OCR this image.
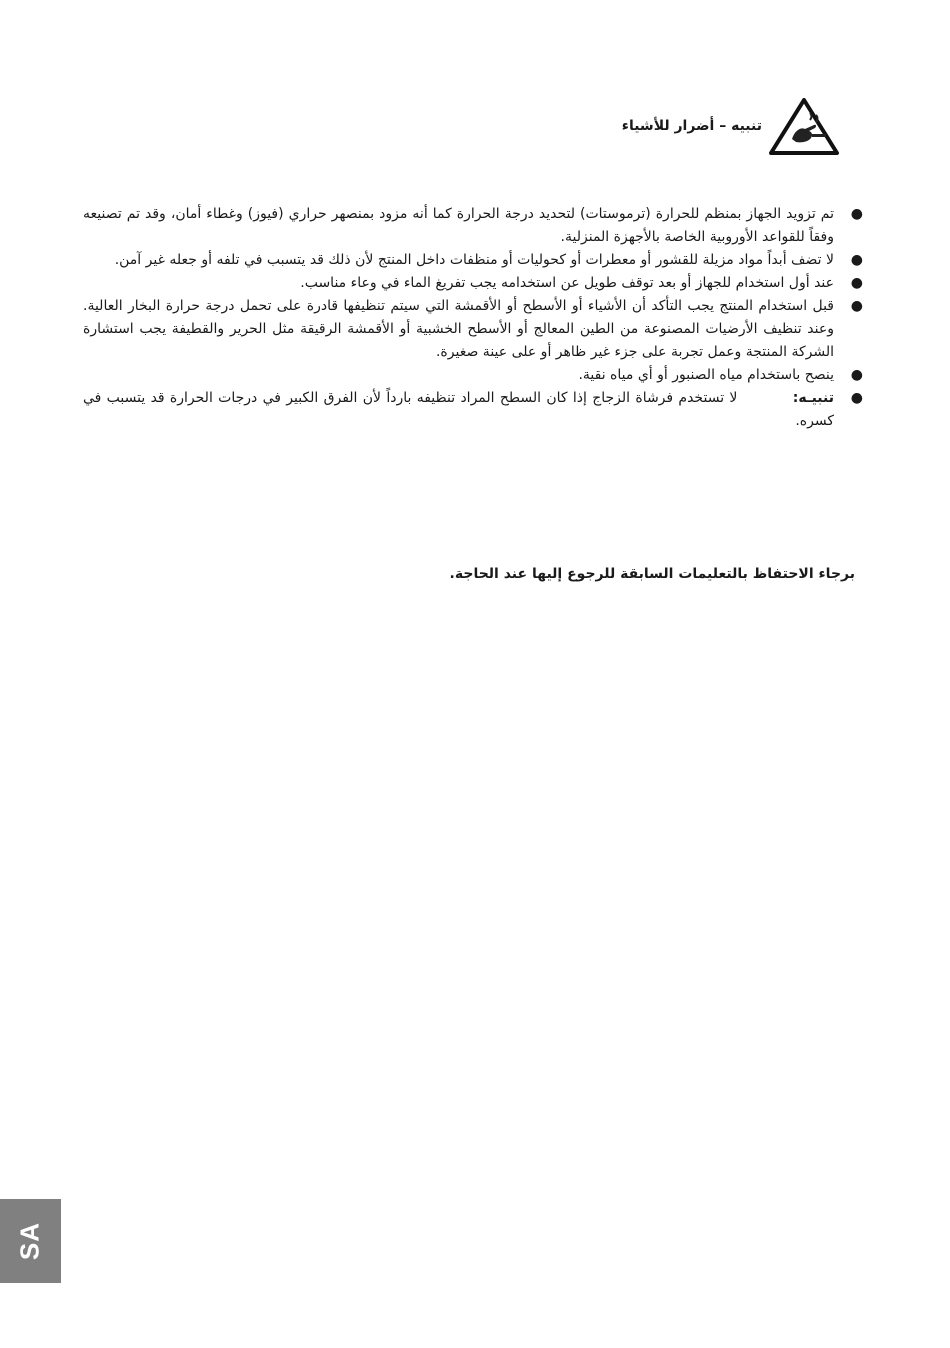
تنبيه – أضرار للأشياء
●
تم تزويد الجهاز بمنظم للحرارة (ترموستات) لتحديد درجة الحرارة كما أنه مزود بمنصهر حراري (فيوز) وغطاء أمان، وقد تم تصنيعه وفقاً للقواعد الأوروبية الخاصة بالأجهزة المنزلية.
●
لا تضف أبداً مواد مزيلة للقشور أو معطرات أو كحوليات أو منظفات داخل المنتج لأن ذلك قد يتسبب في تلفه أو جعله غير آمن.
●
عند أول استخدام للجهاز أو بعد توقف طويل عن استخدامه يجب تفريغ الماء في وعاء مناسب.
●
قبل استخدام المنتج يجب التأكد أن الأشياء أو الأسطح أو الأقمشة التي سيتم تنظيفها قادرة على تحمل درجة حرارة البخار العالية. وعند تنظيف الأرضيات المصنوعة من الطين المعالج أو الأسطح الخشبية أو الأقمشة الرقيقة مثل الحرير والقطيفة يجب استشارة الشركة المنتجة وعمل تجربة على جزء غير ظاهر أو على عينة صغيرة.
●
ينصح باستخدام مياه الصنبور أو أي مياه نقية.
●
تنبيـه: لا تستخدم فرشاة الزجاج إذا كان السطح المراد تنظيفه بارداً لأن الفرق الكبير في درجات الحرارة قد يتسبب في كسره.
برجاء الاحتفاظ بالتعليمات السابقة للرجوع إليها عند الحاجة.
SA
